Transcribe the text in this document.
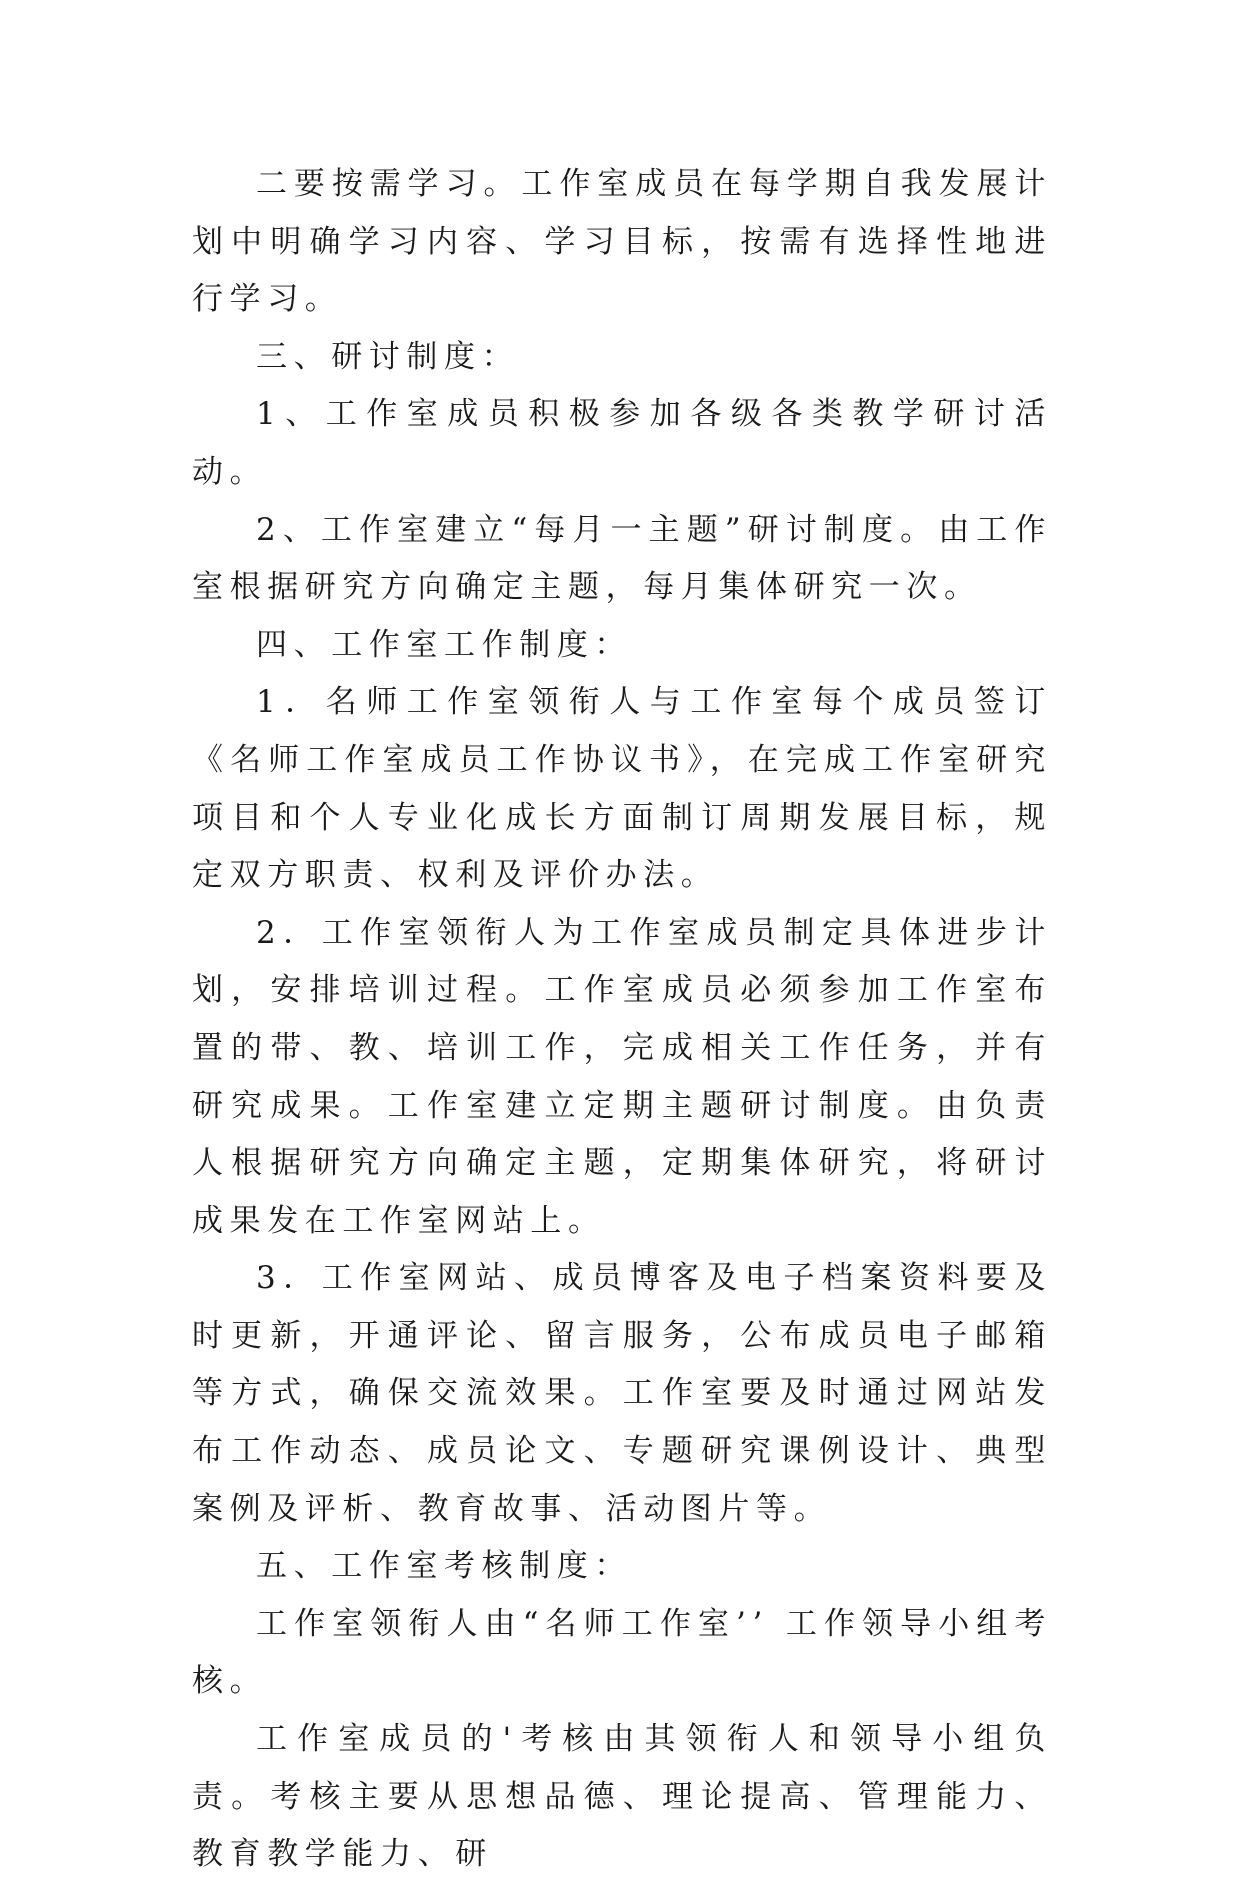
二要按需学习。工作室成员在每学期自我发展计划中明确学习内容、学习目标，按需有选择性地进行学习。

三、研讨制度：

1、工作室成员积极参加各级各类教学研讨活动。

2、工作室建立“每月一主题”研讨制度。由工作室根据研究方向确定主题，每月集体研究一次。

四、工作室工作制度：

1．名师工作室领衔人与工作室每个成员签订《名师工作室成员工作协议书》，在完成工作室研究项目和个人专业化成长方面制订周期发展目标，规定双方职责、权利及评价办法。

2．工作室领衔人为工作室成员制定具体进步计划，安排培训过程。工作室成员必须参加工作室布置的带、教、培训工作，完成相关工作任务，并有研究成果。工作室建立定期主题研讨制度。由负责人根据研究方向确定主题，定期集体研究，将研讨成果发在工作室网站上。

3．工作室网站、成员博客及电子档案资料要及时更新，开通评论、留言服务，公布成员电子邮箱等方式，确保交流效果。工作室要及时通过网站发布工作动态、成员论文、专题研究课例设计、典型案例及评析、教育故事、活动图片等。

五、工作室考核制度：

工作室领衔人由“名师工作室’’ 工作领导小组考核。

工作室成员的'考核由其领衔人和领导小组负责。考核主要从思想品德、理论提高、管理能力、教育教学能力、研
